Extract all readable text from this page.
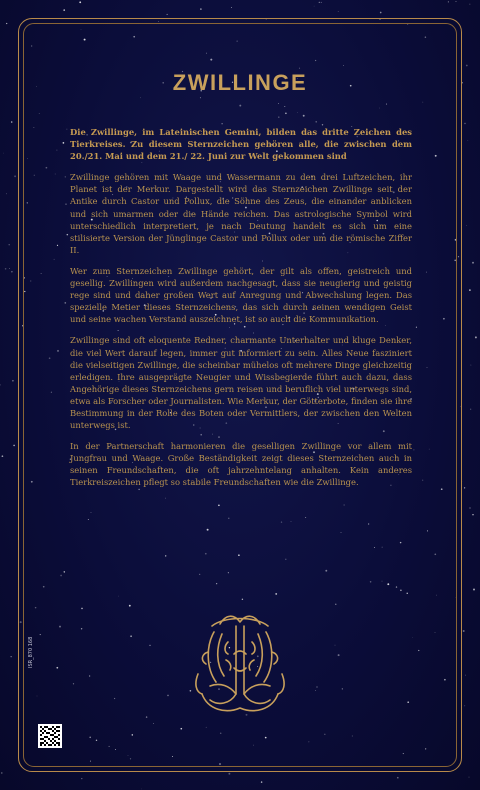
ZWILLINGE

Die Zwillinge, im Lateinischen Gemini, bilden das dritte Zeichen des Tierkreises. Zu diesem Sternzeichen gehören alle, die zwischen dem 20./21. Mai und dem 21./ 22. Juni zur Welt gekommen sind

Zwillinge gehören mit Waage und Wassermann zu den drei Luftzeichen, ihr Planet ist der Merkur. Dargestellt wird das Sternzeichen Zwillinge seit der Antike durch Castor und Pollux, die Söhne des Zeus, die einander anblicken und sich umarmen oder die Hände reichen. Das astrologische Symbol wird unterschiedlich interpretiert, je nach Deutung handelt es sich um eine stilisierte Version der Jünglinge Castor und Pollux oder um die römische Ziffer II.

Wer zum Sternzeichen Zwillinge gehört, der gilt als offen, geistreich und gesellig. Zwillingen wird außerdem nachgesagt, dass sie neugierig und geistig rege sind und daher großen Wert auf Anregung und Abwechslung legen. Das spezielle Metier dieses Sternzeichens, das sich durch seinen wendigen Geist und seine wachen Verstand auszeichnet, ist so auch die Kommunikation.

Zwillinge sind oft eloquente Redner, charmante Unterhalter und kluge Denker, die viel Wert darauf legen, immer gut informiert zu sein. Alles Neue fasziniert die vielseitigen Zwillinge, die scheinbar mühelos oft mehrere Dinge gleichzeitig erledigen. Ihre ausgeprägte Neugier und Wissbegierde führt auch dazu, dass Angehörige dieses Sternzeichens gern reisen und beruflich viel unterwegs sind, etwa als Forscher oder Journalisten. Wie Merkur, der Götterbote, finden sie ihre Bestimmung in der Rolle des Boten oder Vermittlers, der zwischen den Welten unterwegs ist.

In der Partnerschaft harmonieren die geselligen Zwillinge vor allem mit Jungfrau und Waage. Große Beständigkeit zeigt dieses Sternzeichen auch in seinen Freundschaften, die oft jahrzehntelang anhalten. Kein anderes Tierkreiszeichen pflegt so stabile Freundschaften wie die Zwillinge.

ISR_870 168
